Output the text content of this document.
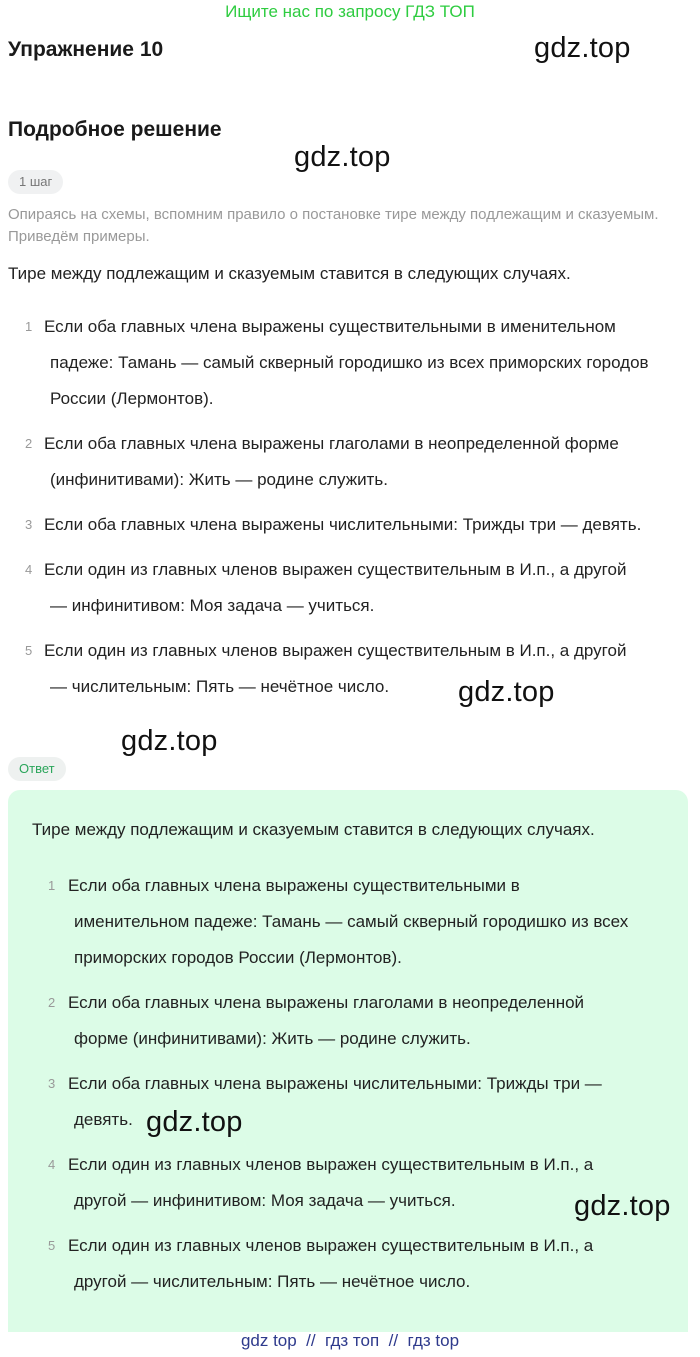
Ищите нас по запросу ГДЗ ТОП
Упражнение 10	gdz.top
Подробное решение
gdz.top
1 шаг

Опираясь на схемы, вспомним правило о постановке тире между подлежащим и сказуемым. Приведём примеры.

Тире между подлежащим и сказуемым ставится в следующих случаях.

1 Если оба главных члена выражены существительными в именительном
падеже: Тамань — самый скверный городишко из всех приморских городов России (Лермонтов).
2 Если оба главных члена выражены глаголами в неопределенной форме
(инфинитивами): Жить — родине служить.
3 Если оба главных члена выражены числительными: Трижды три — девять.
4 Если один из главных членов выражен существительным в И.п., а другой
— инфинитивом: Моя задача — учиться.
5 Если один из главных членов выражен существительным в И.п., а другой
— числительным: Пять — нечётное число.	gdz.top
gdz.top
Ответ

Тире между подлежащим и сказуемым ставится в следующих случаях.

1 Если оба главных члена выражены существительными в
именительном падеже: Тамань — самый скверный городишко из всех приморских городов России (Лермонтов).
2 Если оба главных члена выражены глаголами в неопределенной
форме (инфинитивами): Жить — родине служить.
3 Если оба главных члена выражены числительными: Трижды три —
девять.
4 Если один из главных членов выражен существительным в И.п., а
другой — инфинитивом: Моя задача — учиться.
5 Если один из главных членов выражен существительным в И.п., а
другой — числительным: Пять — нечётное число.
gdz.top
gdz.top
gdz top  //  гдз топ  //  гдз top
